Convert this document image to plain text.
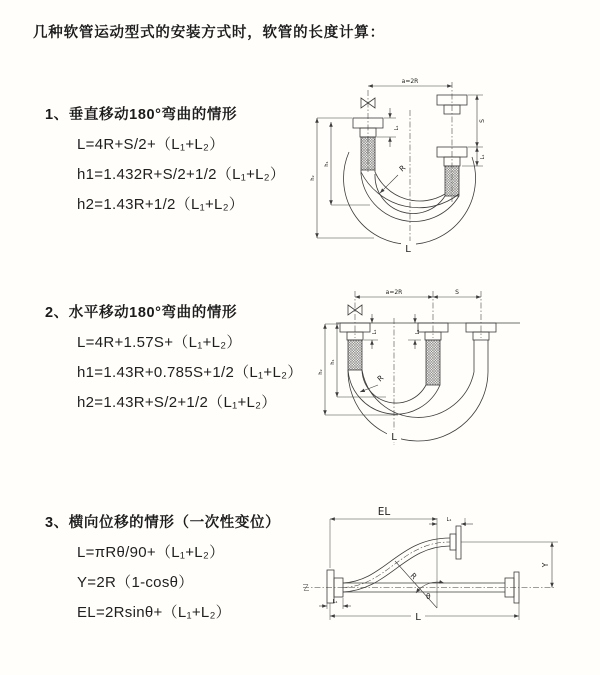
几种软管运动型式的安装方式时，软管的长度计算：
1、垂直移动180°弯曲的情形
L=4R+S/2+（L₁+L₂）
h1=1.432R+S/2+1/2（L₁+L₂）
h2=1.43R+1/2（L₁+L₂）
2、水平移动180°弯曲的情形
L=4R+1.57S+（L₁+L₂）
h1=1.43R+0.785S+1/2（L₁+L₂）
h2=1.43R+S/2+1/2（L₁+L₂）
3、横向位移的情形（一次性变位）
L=πRθ/90+（L₁+L₂）
Y=2R（1-cosθ）
EL=2Rsinθ+（L₁+L₂）
a=2R
h₂
h₁
L₁
S
L₁
R
L
a=2R	S
h₂
h₁
L₁	L₁
R
L
EL
L₁
R
θ
Y
L
L₁
